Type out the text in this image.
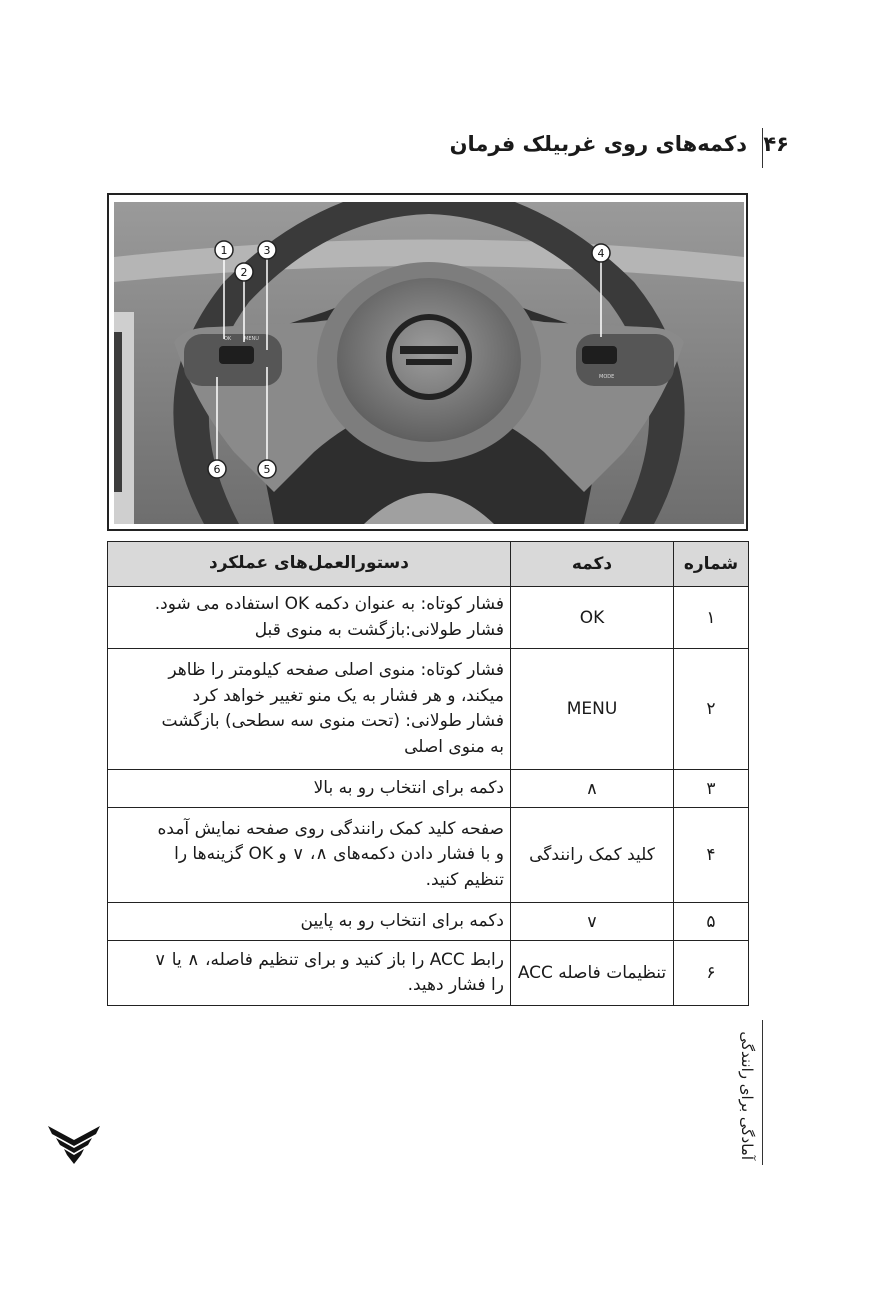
۴۶
دکمه‌های روی غربیلک فرمان
آمادگی برای رانندگی
OK	MENU
MODE
1
2
3	4
5
6
شماره	دکمه	دستورالعمل‌های عملکرد
۱	OK	فشار کوتاه: به عنوان دکمه OK استفاده می شود.
فشار طولانی:بازگشت به منوی قبل

۲	MENU	فشار کوتاه: منوی اصلی صفحه کیلومتر را ظاهر
میکند، و هر فشار به یک منو تغییر خواهد کرد
فشار طولانی: (تحت منوی سه سطحی) بازگشت
به منوی اصلی

۳	∧	دکمه برای انتخاب رو به بالا

۴	کلید کمک رانندگی	صفحه کلید کمک رانندگی روی صفحه نمایش آمده
و با فشار دادن دکمه‌های ∧، ∨ و OK گزینه‌ها را
تنظیم کنید.

۵	∨	دکمه برای انتخاب رو به پایین

۶	تنظیمات فاصله ACC	رابط ACC را باز کنید و برای تنظیم فاصله، ∧ یا ∨
را فشار دهید.
